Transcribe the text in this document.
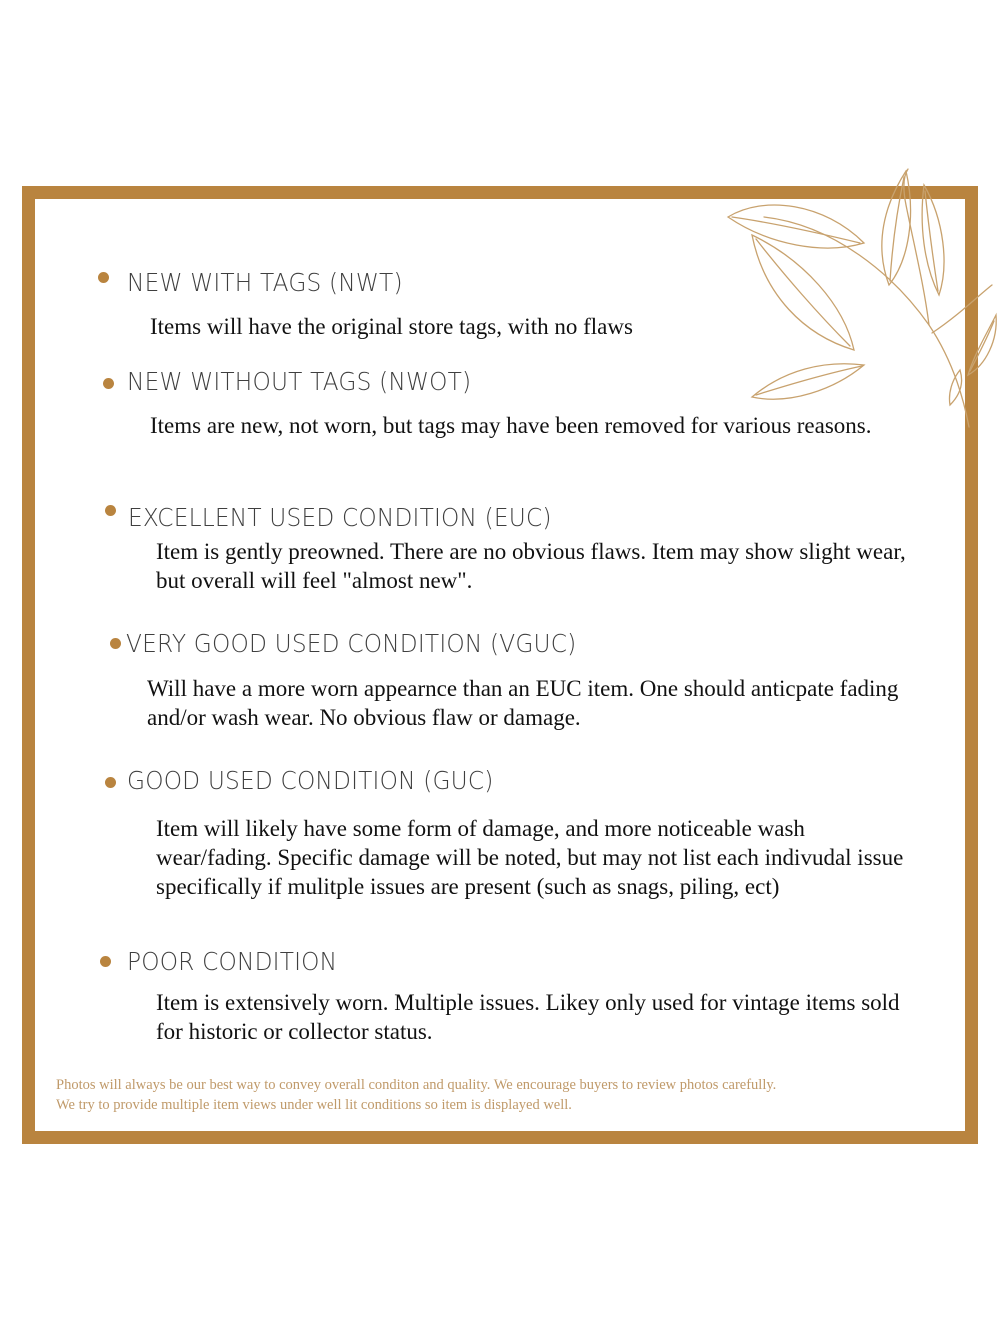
NEW WITH TAGS (NWT)
Items will have the original store tags, with no flaws
NEW WITHOUT TAGS (NWOT)
Items are new, not worn, but tags may have been removed for various reasons.
EXCELLENT USED CONDITION (EUC)
Item is gently preowned. There are no obvious flaws. Item may show slight wear, but overall will feel "almost new".
VERY GOOD USED CONDITION (VGUC)
Will have a more worn appearnce than an EUC item. One should anticpate fading and/or wash wear. No obvious flaw or damage.
GOOD USED CONDITION (GUC)
Item will likely have some form of damage, and more noticeable wash wear/fading. Specific damage will be noted, but may not list each indivudal issue specifically if mulitple issues are present (such as snags, piling, ect)
POOR CONDITION
Item is extensively worn. Multiple issues. Likey only used for vintage items sold for historic or collector status.
Photos will always be our best way to convey overall conditon and quality. We encourage buyers to review photos carefully.
We try to provide multiple item views under well lit conditions so item is displayed well.
